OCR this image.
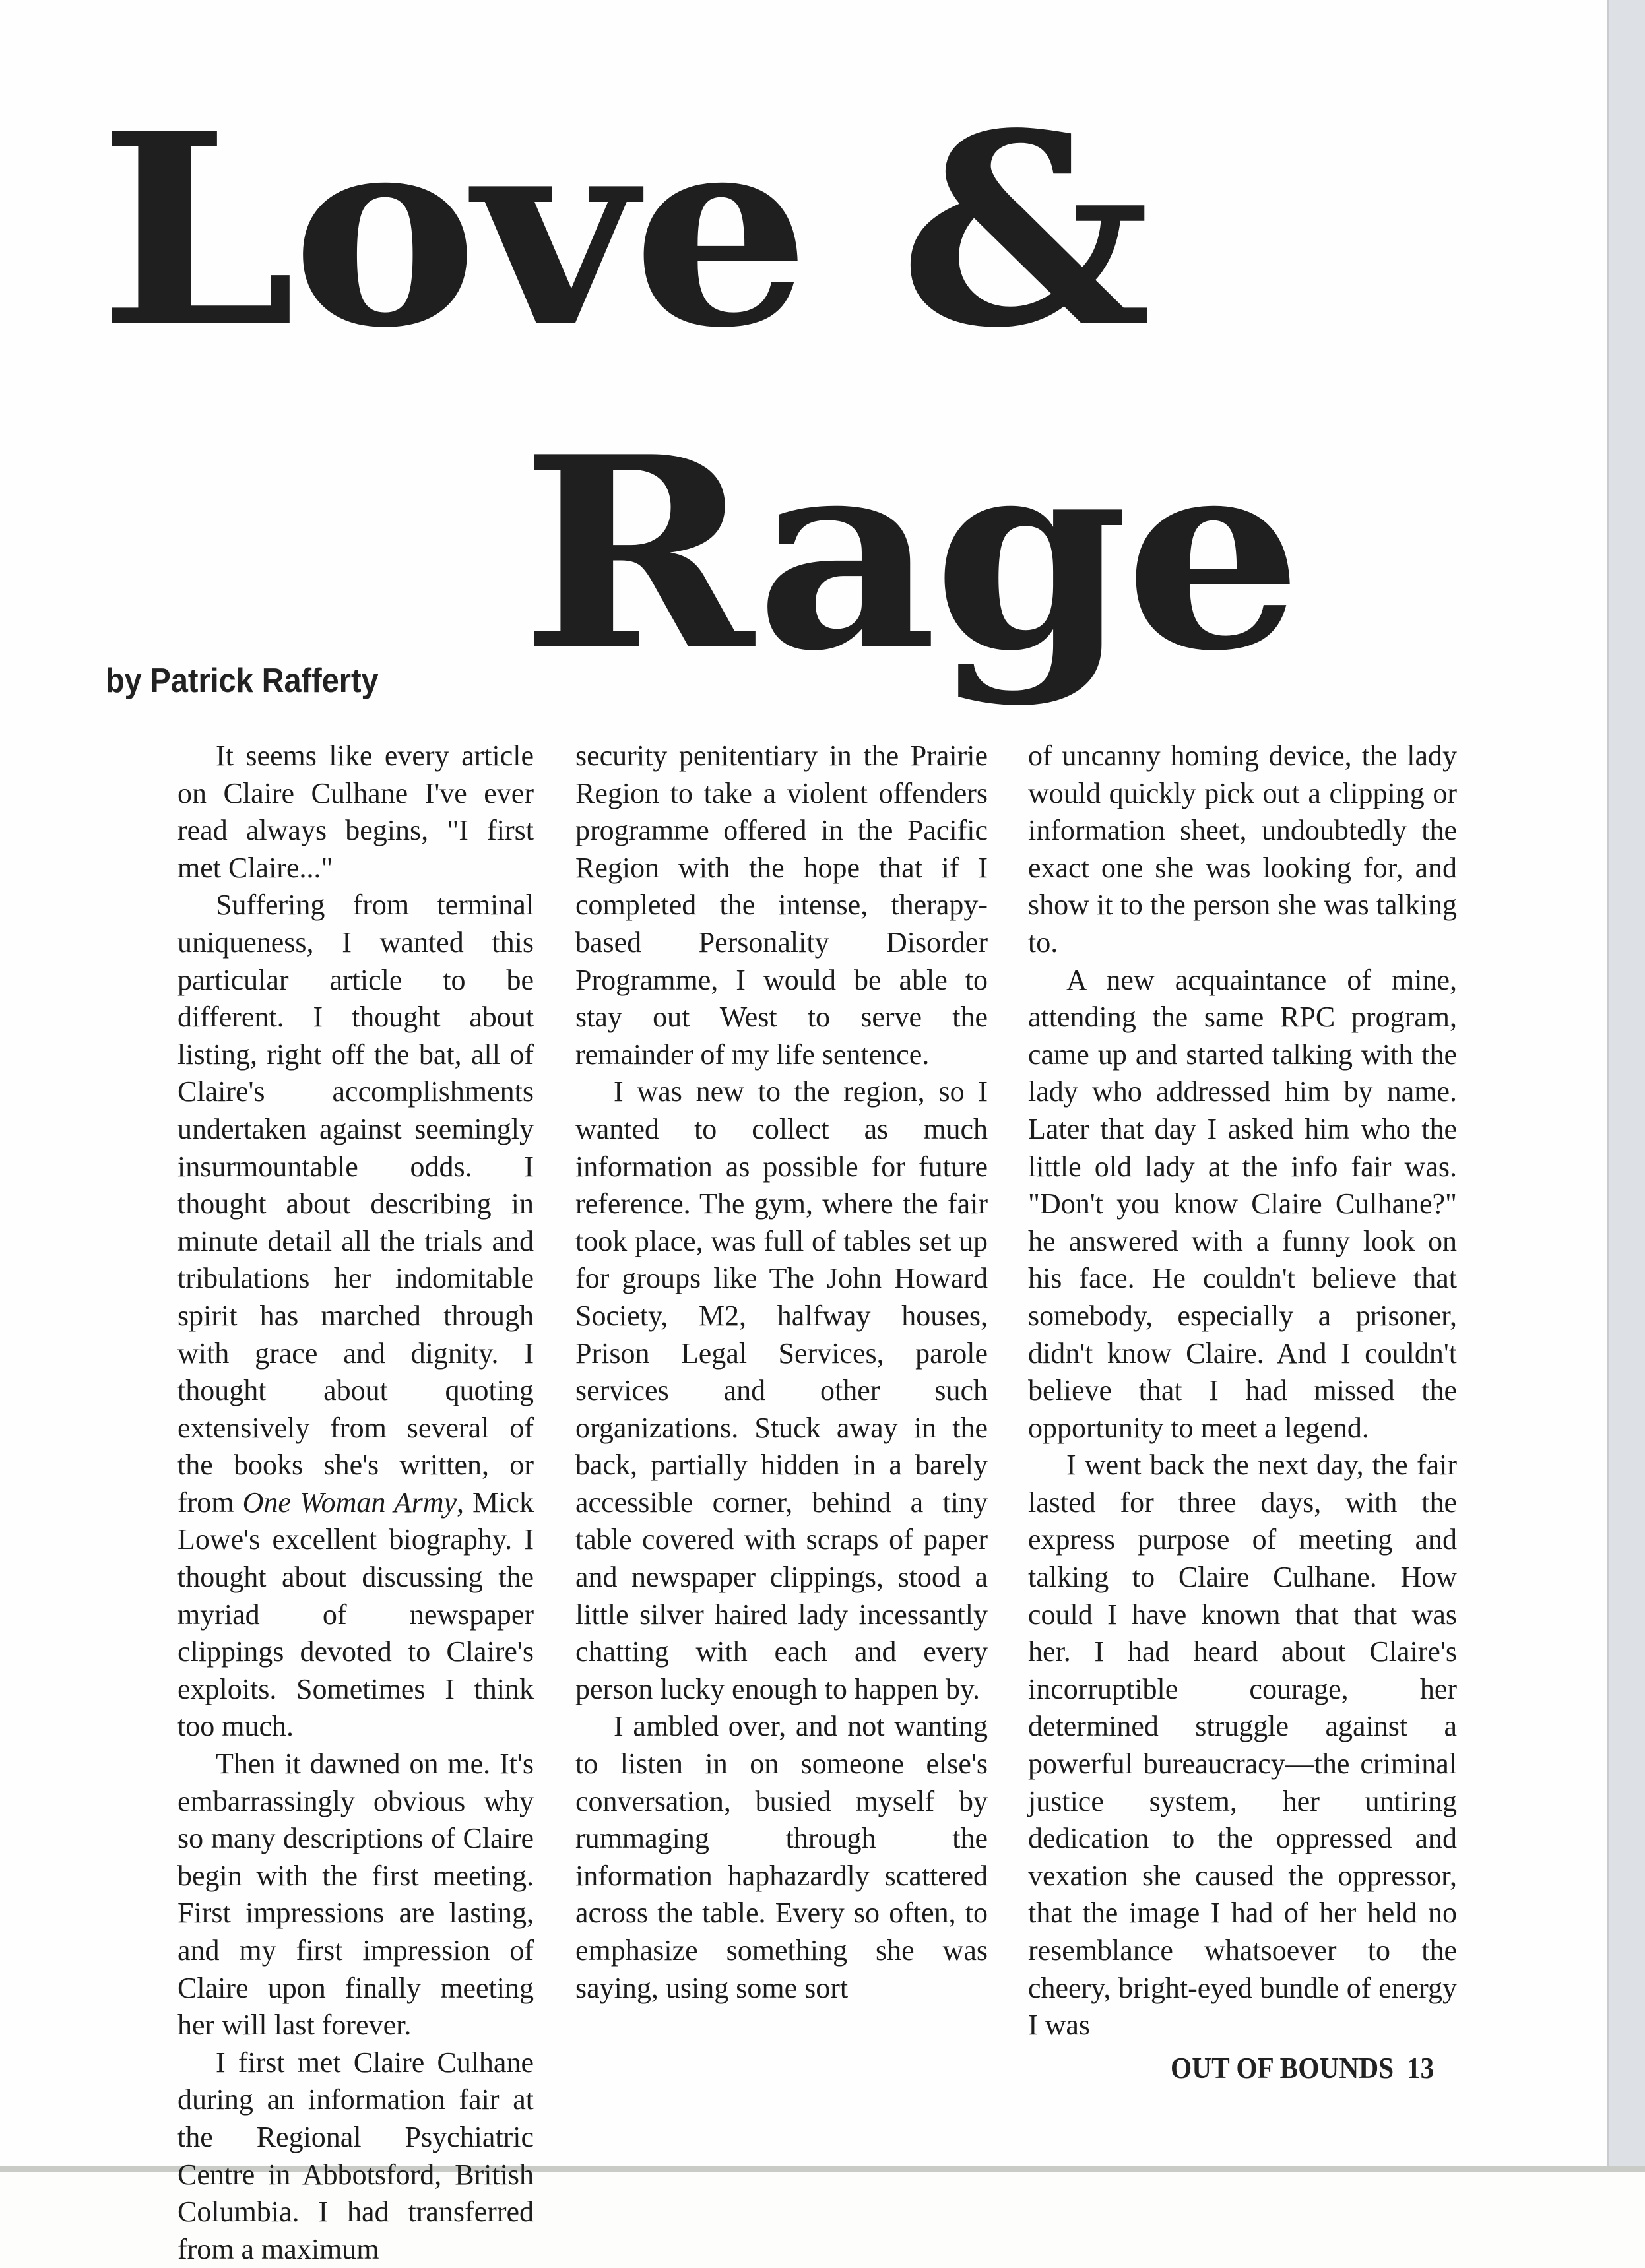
Love &
Rage
by Patrick Rafferty

It seems like every article on Claire Culhane I've ever read always begins, "I first met Claire..."

Suffering from terminal uniqueness, I wanted this particular article to be different. I thought about listing, right off the bat, all of Claire's accomplishments undertaken against seemingly insurmountable odds. I thought about describing in minute detail all the trials and tribulations her indomitable spirit has marched through with grace and dignity. I thought about quoting extensively from several of the books she's written, or from One Woman Army, Mick Lowe's excellent biography. I thought about discussing the myriad of newspaper clippings devoted to Claire's exploits. Sometimes I think too much.

Then it dawned on me. It's embarrassingly obvious why so many descriptions of Claire begin with the first meeting. First impressions are lasting, and my first impression of Claire upon finally meeting her will last forever.

I first met Claire Culhane during an information fair at the Regional Psychiatric Centre in Abbotsford, British Columbia. I had transferred from a maximum

security penitentiary in the Prairie Region to take a violent offenders programme offered in the Pacific Region with the hope that if I completed the intense, therapy-based Personality Disorder Programme, I would be able to stay out West to serve the remainder of my life sentence.

I was new to the region, so I wanted to collect as much information as possible for future reference. The gym, where the fair took place, was full of tables set up for groups like The John Howard Society, M2, halfway houses, Prison Legal Services, parole services and other such organizations. Stuck away in the back, partially hidden in a barely accessible corner, behind a tiny table covered with scraps of paper and newspaper clippings, stood a little silver haired lady incessantly chatting with each and every person lucky enough to happen by.

I ambled over, and not wanting to listen in on someone else's conversation, busied myself by rummaging through the information haphazardly scattered across the table. Every so often, to emphasize something she was saying, using some sort

of uncanny homing device, the lady would quickly pick out a clipping or information sheet, undoubtedly the exact one she was looking for, and show it to the person she was talking to.

A new acquaintance of mine, attending the same RPC program, came up and started talking with the lady who addressed him by name. Later that day I asked him who the little old lady at the info fair was. "Don't you know Claire Culhane?" he answered with a funny look on his face. He couldn't believe that somebody, especially a prisoner, didn't know Claire. And I couldn't believe that I had missed the opportunity to meet a legend.

I went back the next day, the fair lasted for three days, with the express purpose of meeting and talking to Claire Culhane. How could I have known that that was her. I had heard about Claire's incorruptible courage, her determined struggle against a powerful bureaucracy—the criminal justice system, her untiring dedication to the oppressed and vexation she caused the oppressor, that the image I had of her held no resemblance whatsoever to the cheery, bright-eyed bundle of energy I was

OUT OF BOUNDS 13
